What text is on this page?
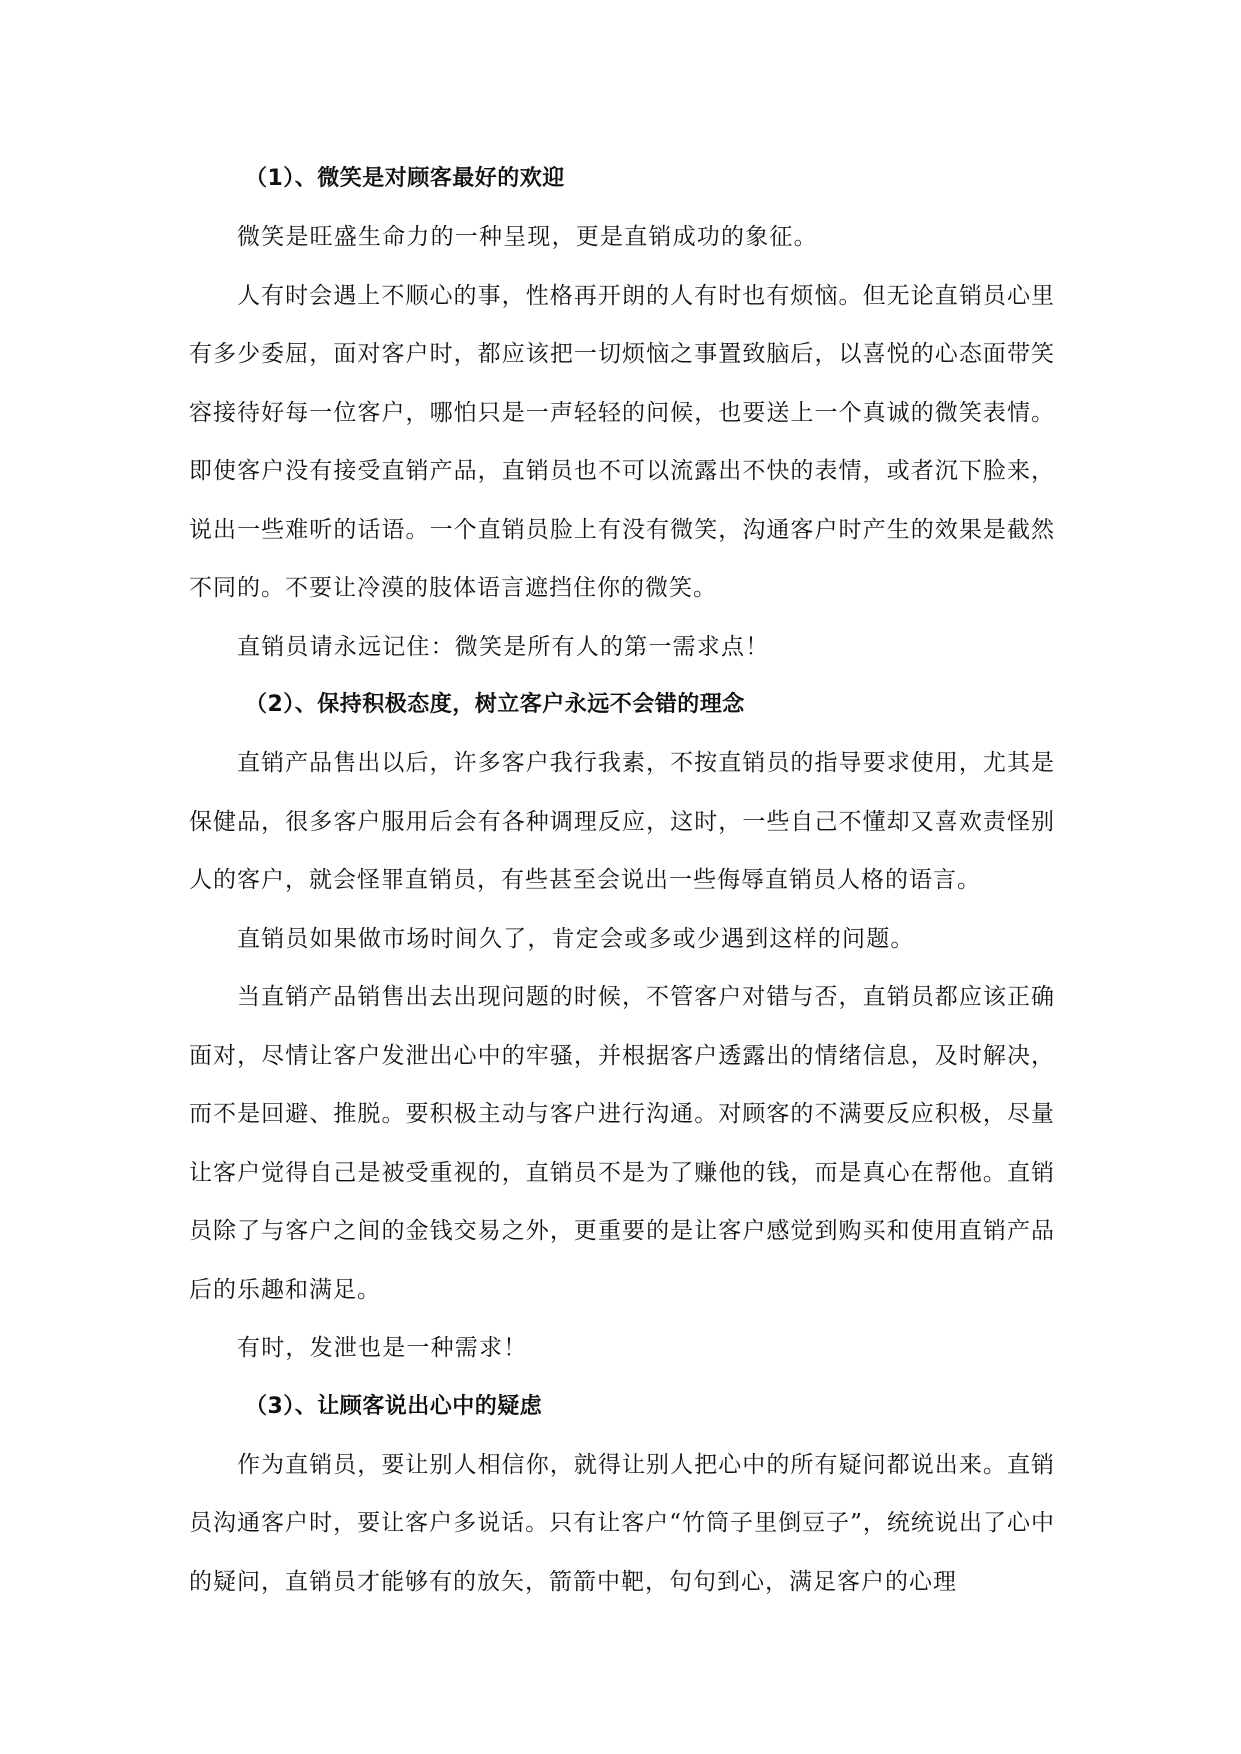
（1）、微笑是对顾客最好的欢迎

微笑是旺盛生命力的一种呈现，更是直销成功的象征。

人有时会遇上不顺心的事，性格再开朗的人有时也有烦恼。但无论直销员心里有多少委屈，面对客户时，都应该把一切烦恼之事置致脑后，以喜悦的心态面带笑容接待好每一位客户，哪怕只是一声轻轻的问候，也要送上一个真诚的微笑表情。即使客户没有接受直销产品，直销员也不可以流露出不快的表情，或者沉下脸来，说出一些难听的话语。一个直销员脸上有没有微笑，沟通客户时产生的效果是截然不同的。不要让冷漠的肢体语言遮挡住你的微笑。

直销员请永远记住：微笑是所有人的第一需求点！

（2）、保持积极态度，树立客户永远不会错的理念

直销产品售出以后，许多客户我行我素，不按直销员的指导要求使用，尤其是保健品，很多客户服用后会有各种调理反应，这时，一些自己不懂却又喜欢责怪别人的客户，就会怪罪直销员，有些甚至会说出一些侮辱直销员人格的语言。

直销员如果做市场时间久了，肯定会或多或少遇到这样的问题。

当直销产品销售出去出现问题的时候，不管客户对错与否，直销员都应该正确面对，尽情让客户发泄出心中的牢骚，并根据客户透露出的情绪信息，及时解决，而不是回避、推脱。要积极主动与客户进行沟通。对顾客的不满要反应积极，尽量让客户觉得自己是被受重视的，直销员不是为了赚他的钱，而是真心在帮他。直销员除了与客户之间的金钱交易之外，更重要的是让客户感觉到购买和使用直销产品后的乐趣和满足。

有时，发泄也是一种需求！

（3）、让顾客说出心中的疑虑

作为直销员，要让别人相信你，就得让别人把心中的所有疑问都说出来。直销员沟通客户时，要让客户多说话。只有让客户“竹筒子里倒豆子”，统统说出了心中的疑问，直销员才能够有的放矢，箭箭中靶，句句到心，满足客户的心理
